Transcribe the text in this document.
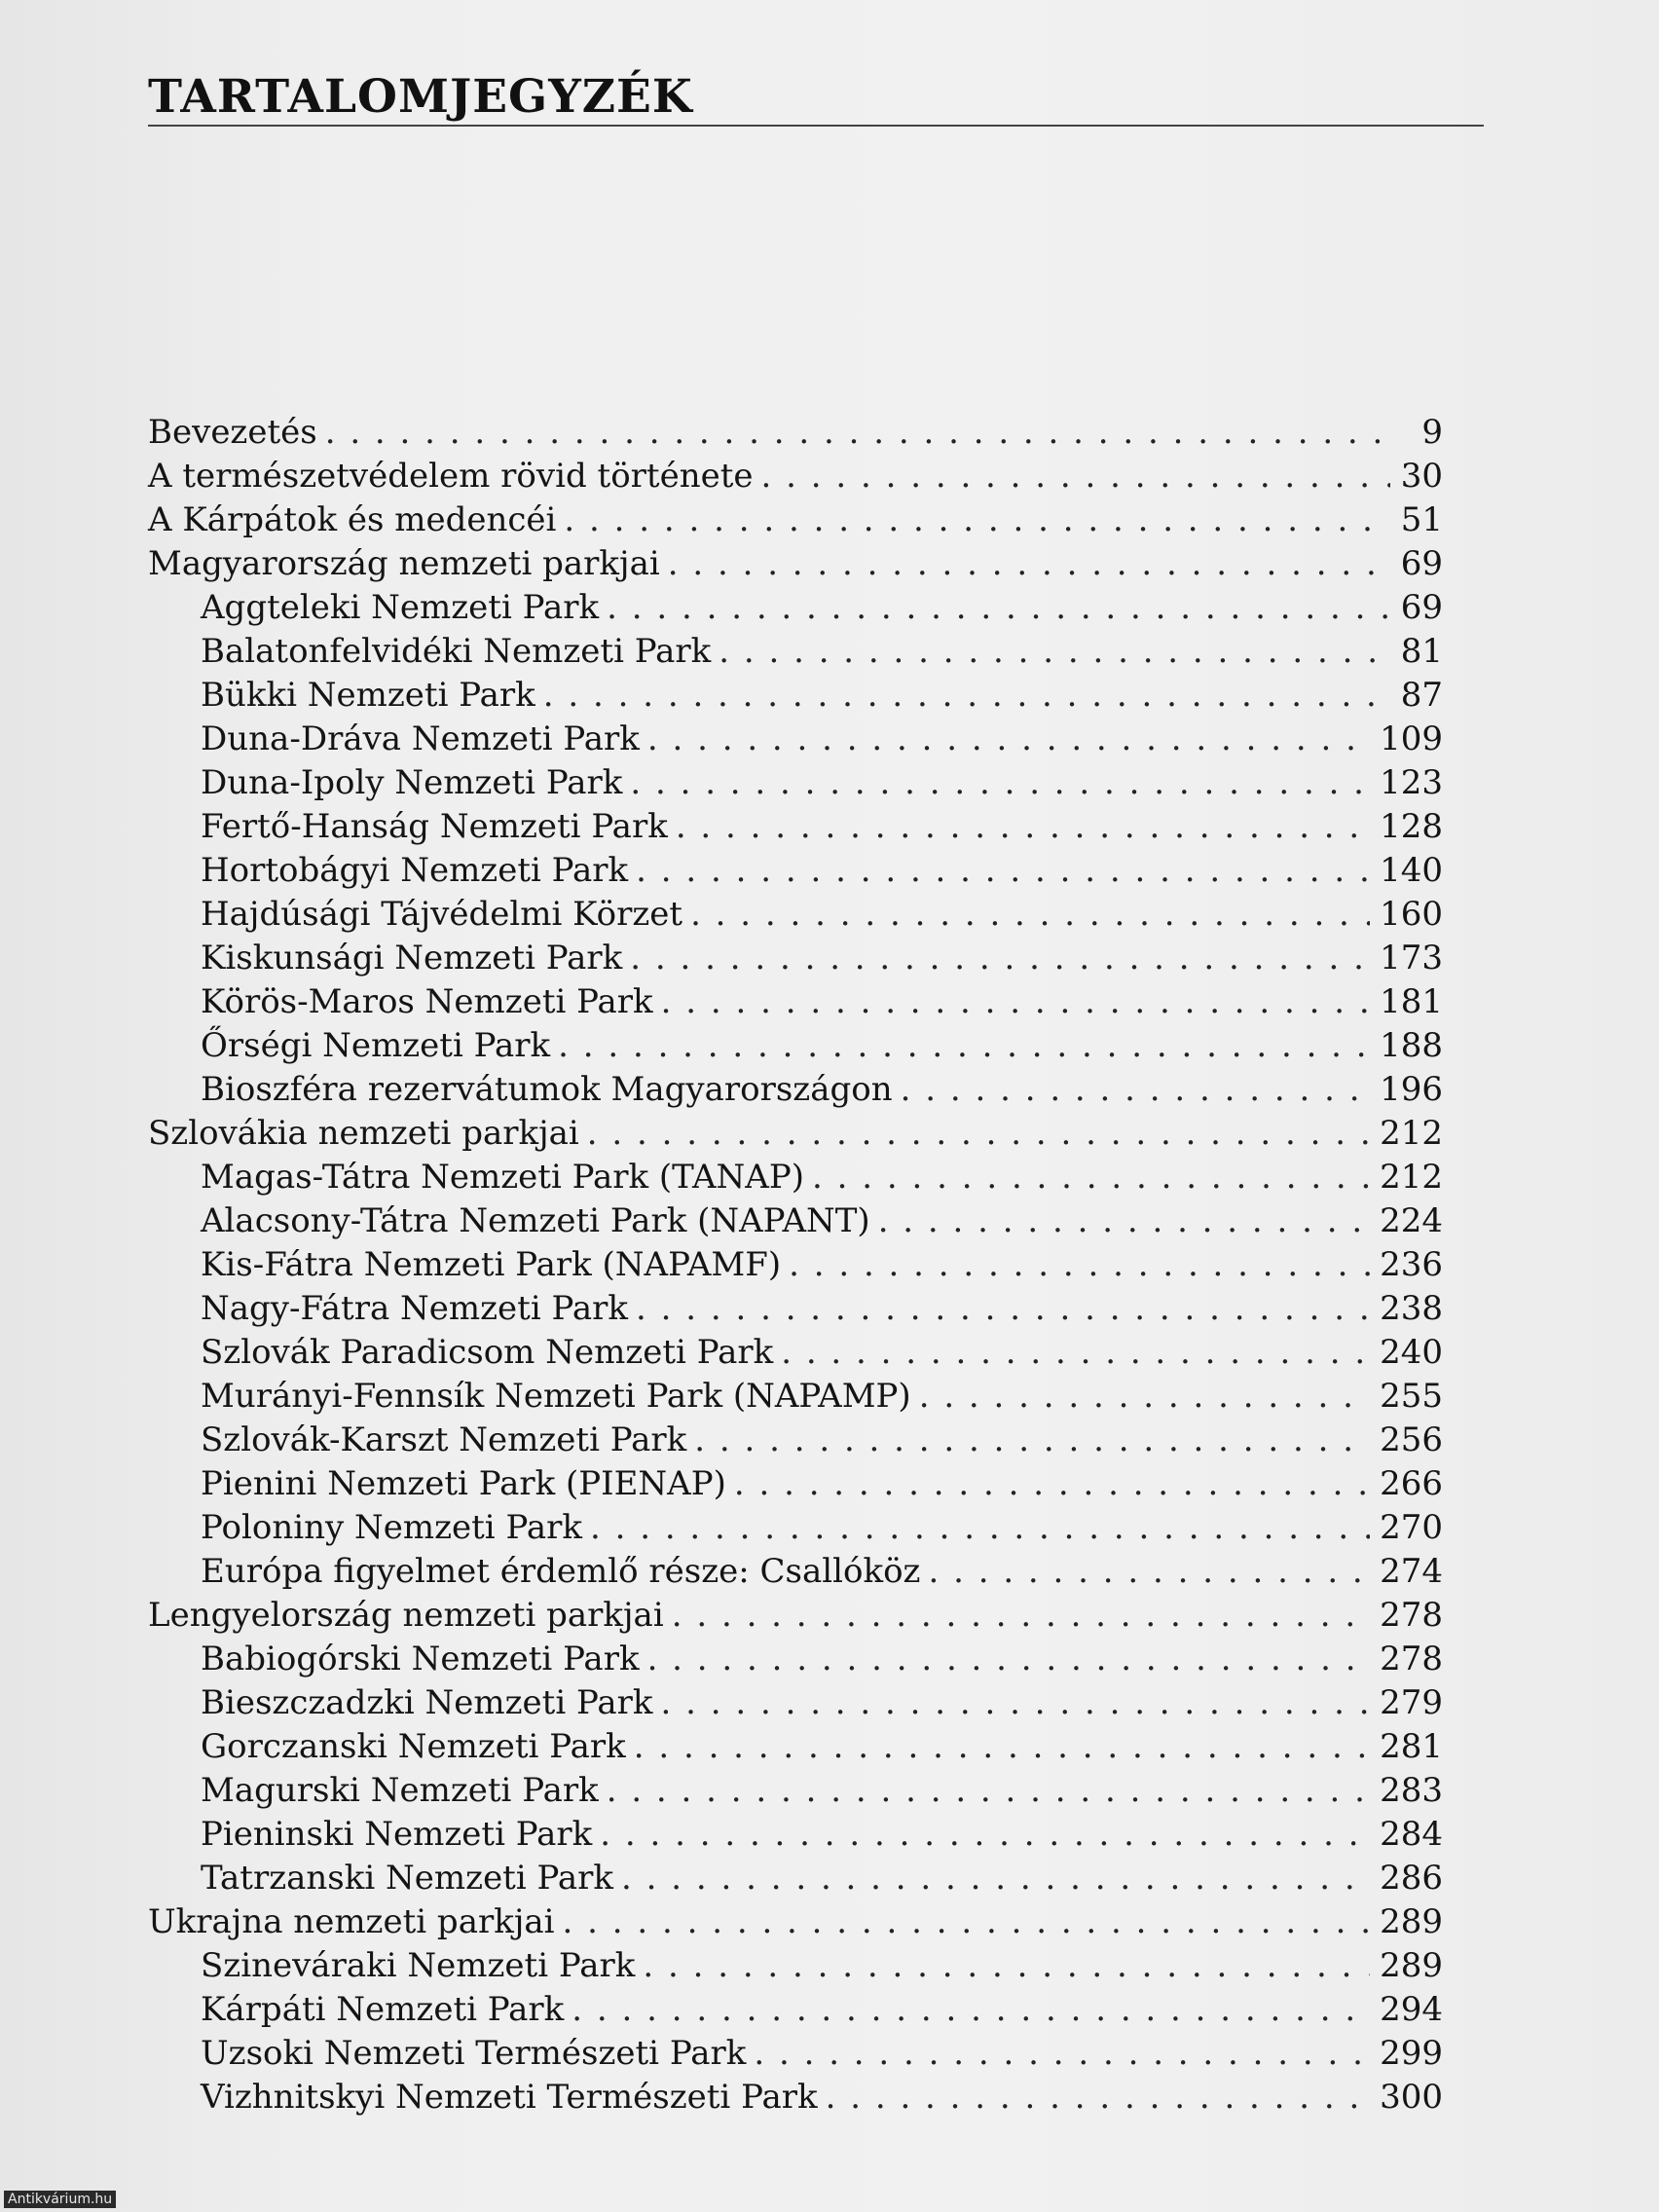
TARTALOMJEGYZÉK
Bevezetés . . .	9
A természetvédelem rövid története . . .	30
A Kárpátok és medencéi . . .	51
Magyarország nemzeti parkjai . . .	69
Aggteleki Nemzeti Park . . .	69
Balatonfelvidéki Nemzeti Park . . .	81
Bükki Nemzeti Park . . .	87
Duna-Dráva Nemzeti Park . . .	109
Duna-Ipoly Nemzeti Park . . .	123
Fertő-Hanság Nemzeti Park . . .	128
Hortobágyi Nemzeti Park . . .	140
Hajdúsági Tájvédelmi Körzet . . .	160
Kiskunsági Nemzeti Park . . .	173
Körös-Maros Nemzeti Park . . .	181
Őrségi Nemzeti Park . . .	188
Bioszféra rezervátumok Magyarországon . . .	196
Szlovákia nemzeti parkjai . . .	212
Magas-Tátra Nemzeti Park (TANAP) . . .	212
Alacsony-Tátra Nemzeti Park (NAPANT) . . .	224
Kis-Fátra Nemzeti Park (NAPAMF) . . .	236
Nagy-Fátra Nemzeti Park . . .	238
Szlovák Paradicsom Nemzeti Park . . .	240
Murányi-Fennsík Nemzeti Park (NAPAMP) . . .	255
Szlovák-Karszt Nemzeti Park . . .	256
Pienini Nemzeti Park (PIENAP) . . .	266
Poloniny Nemzeti Park . . .	270
Európa figyelmet érdemlő része: Csallóköz . . .	274
Lengyelország nemzeti parkjai . . .	278
Babiogórski Nemzeti Park . . .	278
Bieszczadzki Nemzeti Park . . .	279
Gorczanski Nemzeti Park . . .	281
Magurski Nemzeti Park . . .	283
Pieninski Nemzeti Park . . .	284
Tatrzanski Nemzeti Park . . .	286
Ukrajna nemzeti parkjai . . .	289
Szineváraki Nemzeti Park . . .	289
Kárpáti Nemzeti Park . . .	294
Uzsoki Nemzeti Természeti Park . . .	299
Vizhnitskyi Nemzeti Természeti Park . . .	300
Antikvárium.hu
